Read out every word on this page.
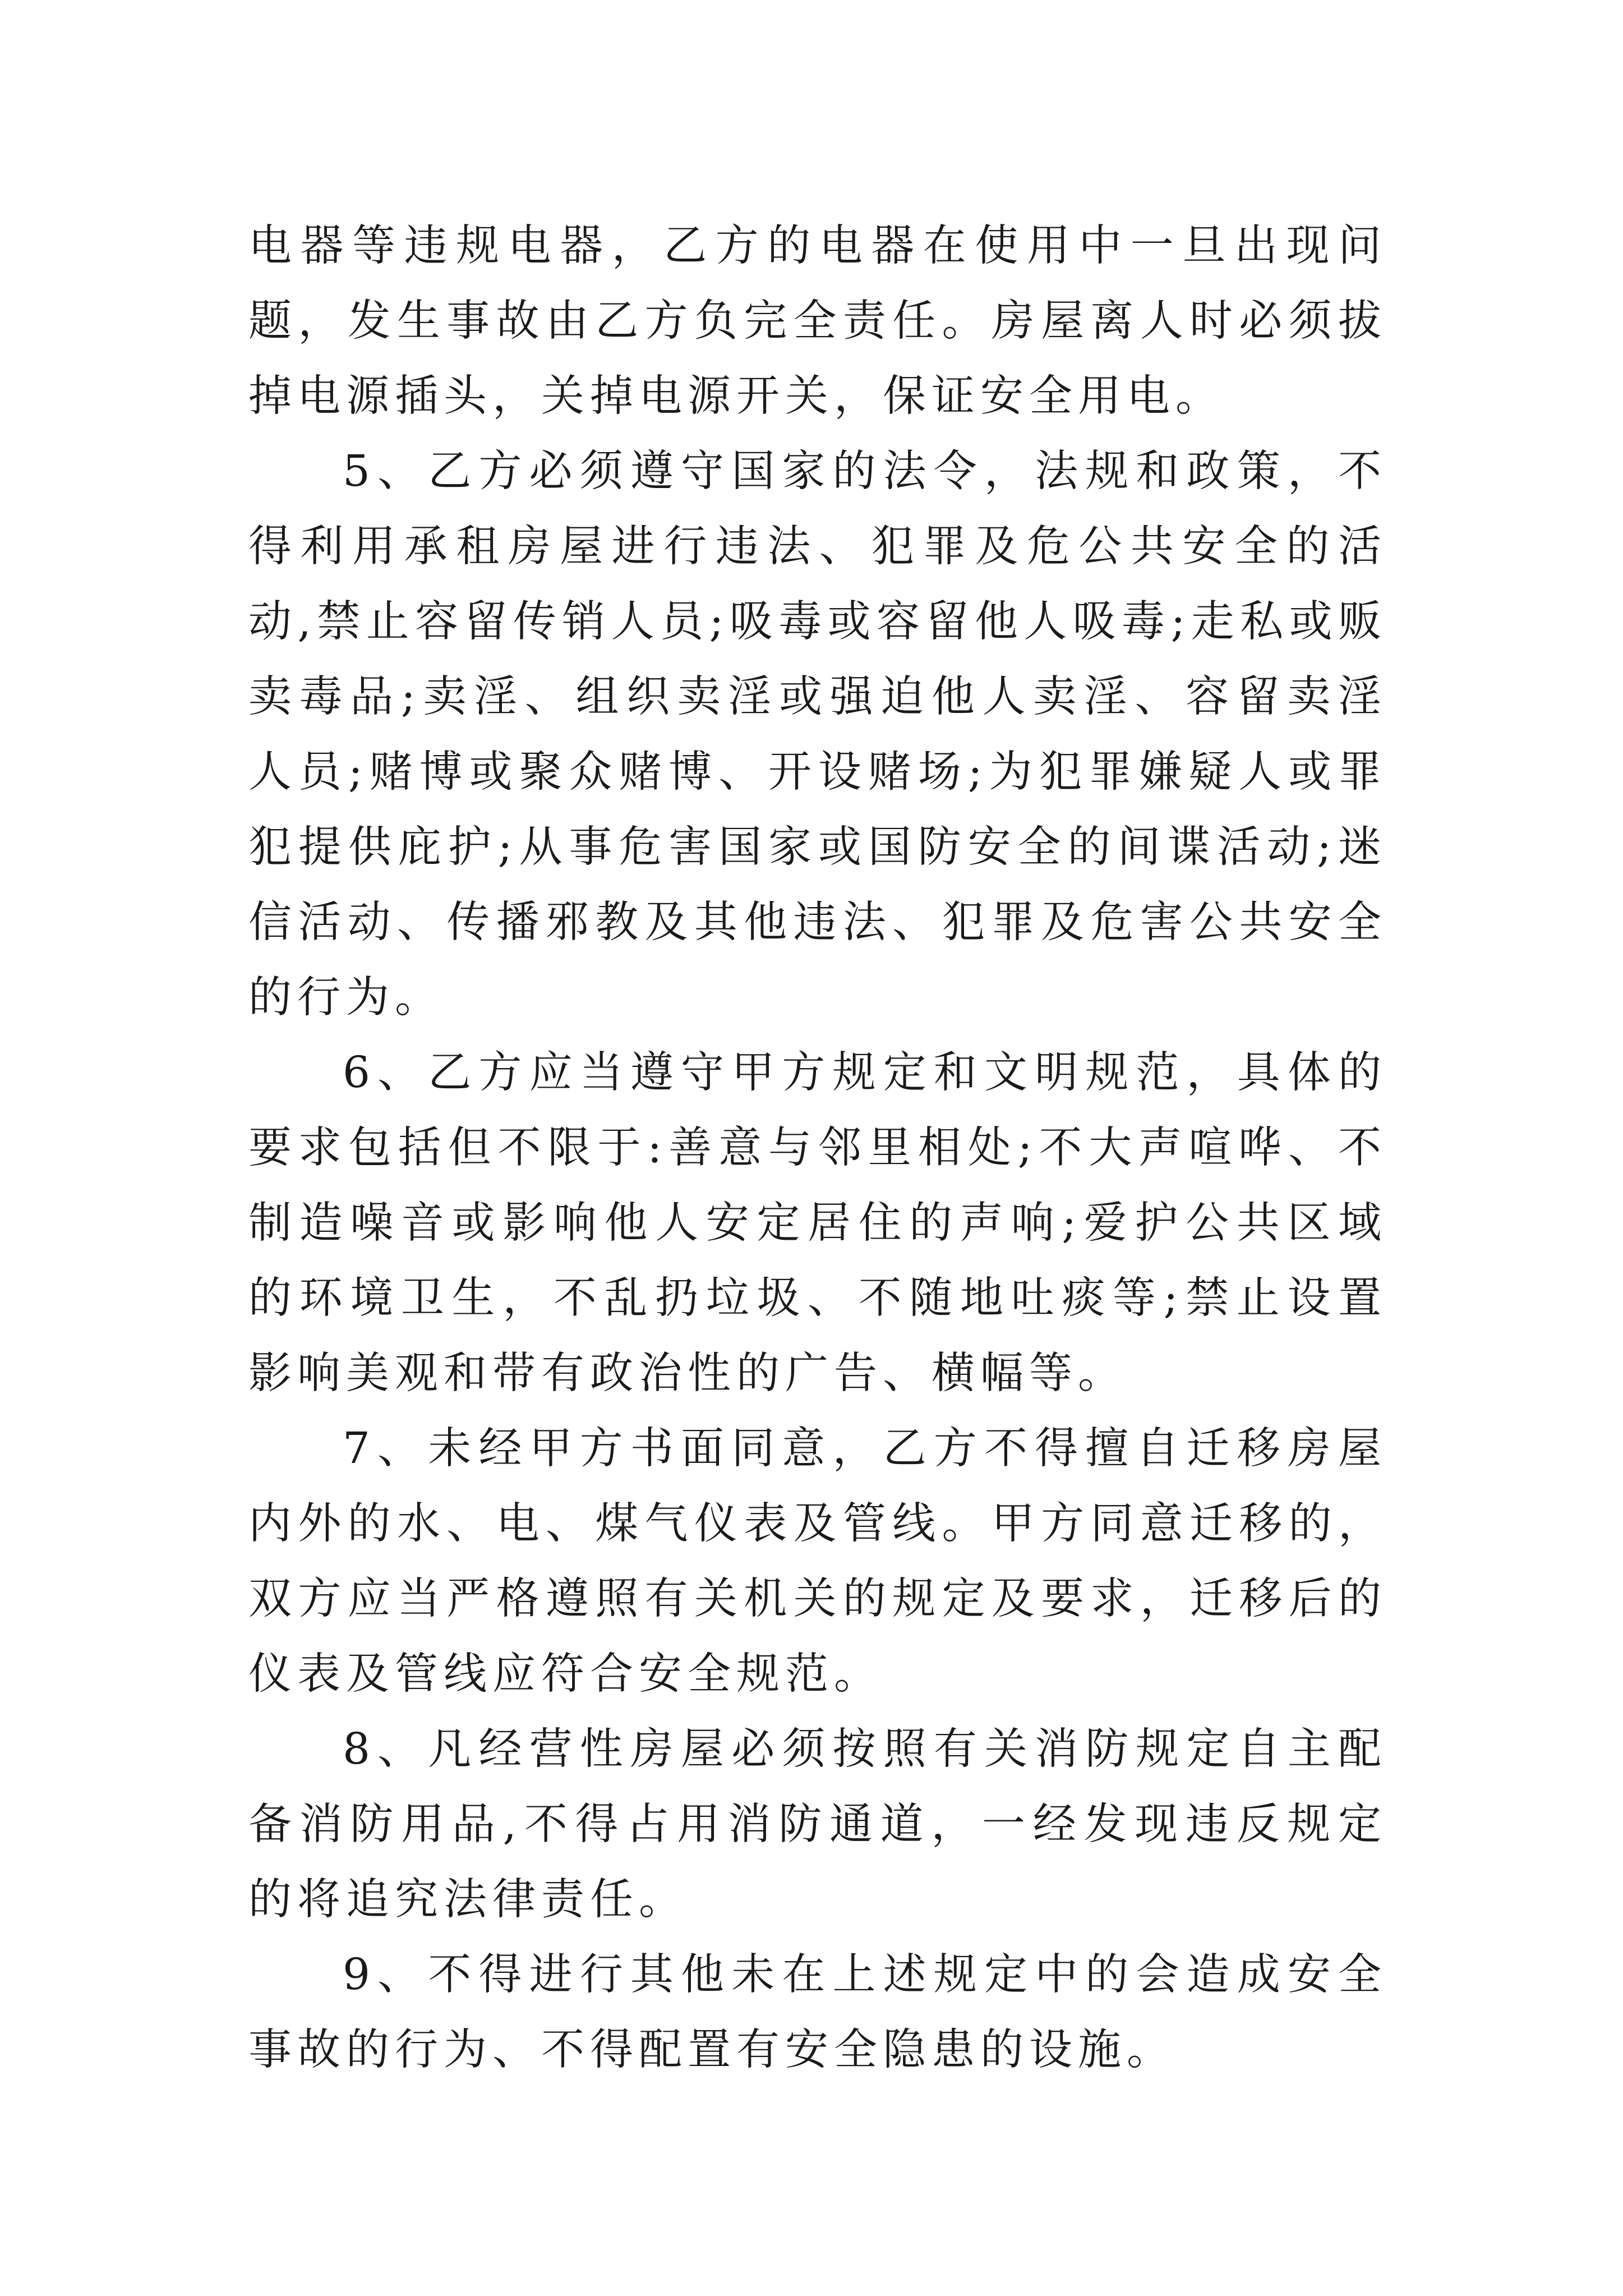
电器等违规电器，乙方的电器在使用中一旦出现问题，发生事故由乙方负完全责任。房屋离人时必须拔掉电源插头，关掉电源开关，保证安全用电。

5、乙方必须遵守国家的法令，法规和政策，不得利用承租房屋进行违法、犯罪及危公共安全的活动,禁止容留传销人员;吸毒或容留他人吸毒;走私或贩卖毒品;卖淫、组织卖淫或强迫他人卖淫、容留卖淫人员;赌博或聚众赌博、开设赌场;为犯罪嫌疑人或罪犯提供庇护;从事危害国家或国防安全的间谍活动;迷信活动、传播邪教及其他违法、犯罪及危害公共安全的行为。

6、乙方应当遵守甲方规定和文明规范，具体的要求包括但不限于:善意与邻里相处;不大声喧哗、不制造噪音或影响他人安定居住的声响;爱护公共区域的环境卫生，不乱扔垃圾、不随地吐痰等;禁止设置影响美观和带有政治性的广告、横幅等。

7、未经甲方书面同意，乙方不得擅自迁移房屋内外的水、电、煤气仪表及管线。甲方同意迁移的，双方应当严格遵照有关机关的规定及要求，迁移后的仪表及管线应符合安全规范。

8、凡经营性房屋必须按照有关消防规定自主配备消防用品,不得占用消防通道，一经发现违反规定的将追究法律责任。

9、不得进行其他未在上述规定中的会造成安全事故的行为、不得配置有安全隐患的设施。
